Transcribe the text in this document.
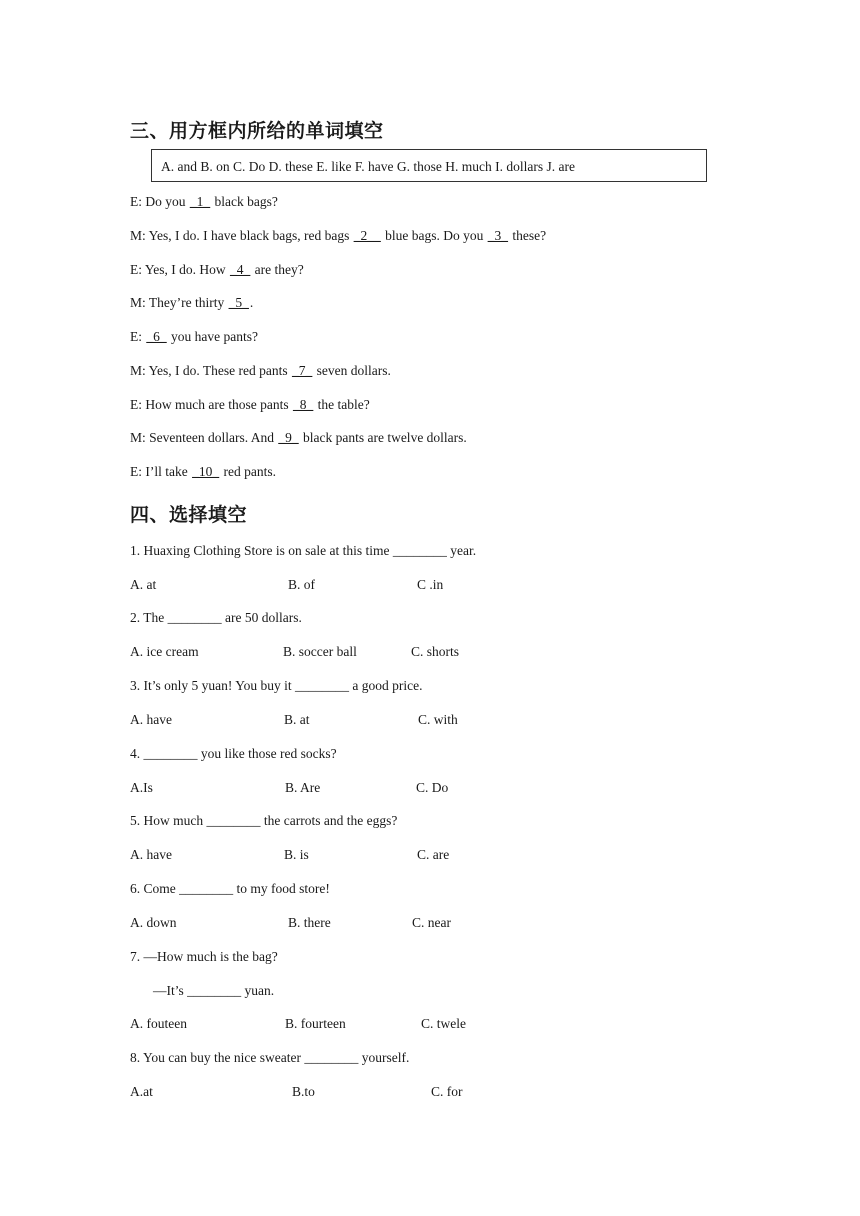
三、用方框内所给的单词填空
A. and B. on C. Do D. these E. like F. have G. those H. much I. dollars J. are
E: Do you _1_ black bags?
M: Yes, I do. I have black bags, red bags _2__ blue bags. Do you _3_ these?
E: Yes, I do. How _4_ are they?
M: They’re thirty _5_.
E: _6_ you have pants?
M: Yes, I do. These red pants _7_ seven dollars.
E: How much are those pants _8_ the table?
M: Seventeen dollars. And _9_ black pants are twelve dollars.
E: I’ll take _10_ red pants.
四、选择填空
1. Huaxing Clothing Store is on sale at this time ________ year.
A. at	B. of	C .in
2. The ________ are 50 dollars.
A. ice cream	B. soccer ball	C. shorts
3. It’s only 5 yuan! You buy it ________ a good price.
A. have	B. at	C. with
4. ________ you like those red socks?
A.Is	B. Are	C. Do
5. How much ________ the carrots and the eggs?
A. have	B. is	C. are
6. Come ________ to my food store!
A. down	B. there	C. near
7. —How much is the bag?
—It’s ________ yuan.
A. fouteen	B. fourteen	C. twele
8. You can buy the nice sweater ________ yourself.
A.at	B.to	C. for
